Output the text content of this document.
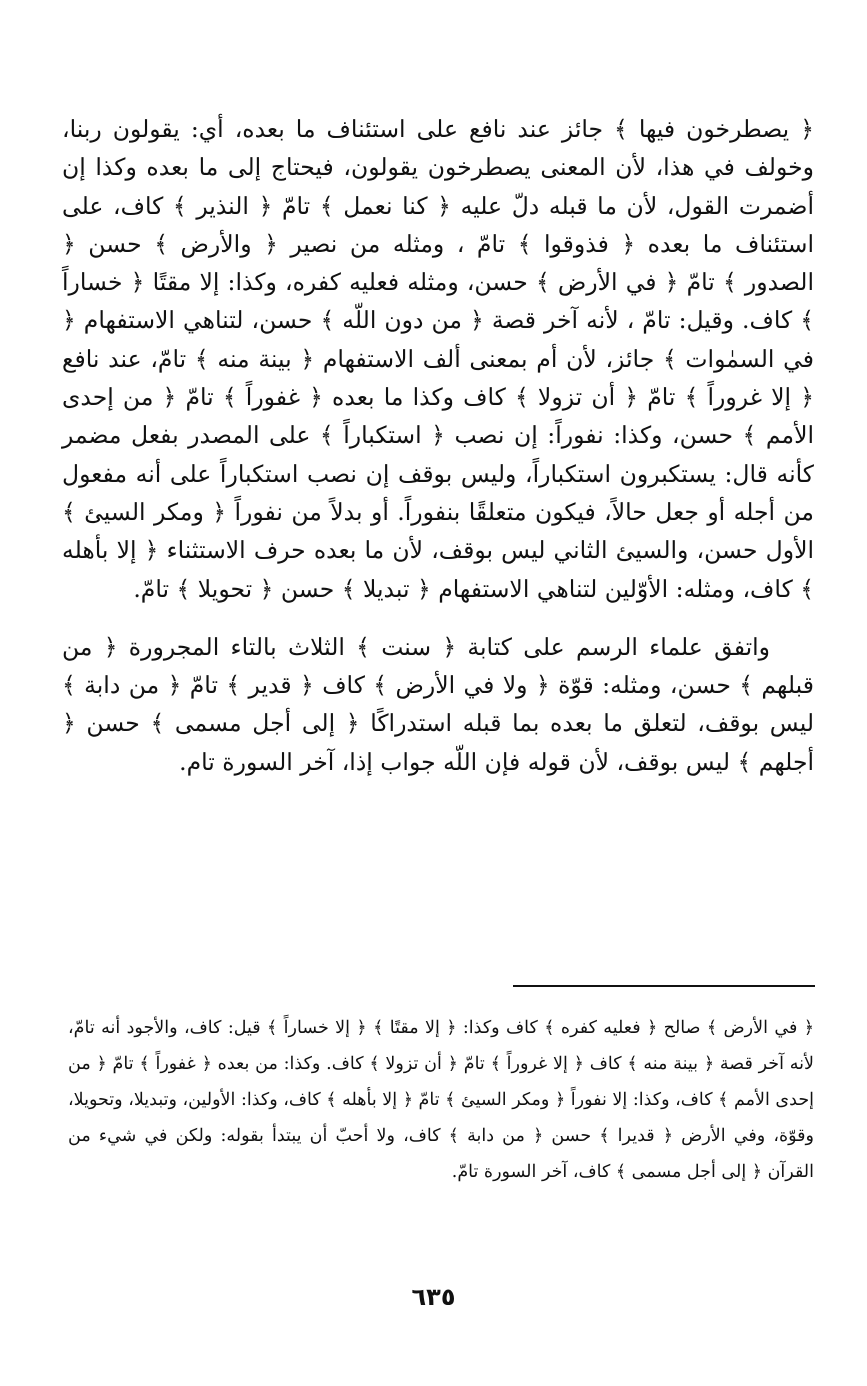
﴿ يصطرخون فيها ﴾ جائز عند نافع على استئناف ما بعده، أي: يقولون ربنا، وخولف في هذا، لأن المعنى يصطرخون يقولون، فيحتاج إلى ما بعده وكذا إن أضمرت القول، لأن ما قبله دلّ عليه ﴿ كنا نعمل ﴾ تامّ ﴿ النذير ﴾ كاف، على استئناف ما بعده ﴿ فذوقوا ﴾ تامّ ، ومثله من نصير ﴿ والأرض ﴾ حسن ﴿ الصدور ﴾ تامّ ﴿ في الأرض ﴾ حسن، ومثله فعليه كفره، وكذا: إلا مقتًا ﴿ خساراً ﴾ كاف. وقيل: تامّ ، لأنه آخر قصة ﴿ من دون اللّه ﴾ حسن، لتناهي الاستفهام ﴿ في السمٰوات ﴾ جائز، لأن أم بمعنى ألف الاستفهام ﴿ بينة منه ﴾ تامّ، عند نافع ﴿ إلا غروراً ﴾ تامّ ﴿ أن تزولا ﴾ كاف وكذا ما بعده ﴿ غفوراً ﴾ تامّ ﴿ من إحدى الأمم ﴾ حسن، وكذا: نفوراً: إن نصب ﴿ استكباراً ﴾ على المصدر بفعل مضمر كأنه قال: يستكبرون استكباراً، وليس بوقف إن نصب استكباراً على أنه مفعول من أجله أو جعل حالاً، فيكون متعلقًا بنفوراً. أو بدلاً من نفوراً ﴿ ومكر السيئ ﴾ الأول حسن، والسيئ الثاني ليس بوقف، لأن ما بعده حرف الاستثناء ﴿ إلا بأهله ﴾ كاف، ومثله: الأوّلين لتناهي الاستفهام ﴿ تبديلا ﴾ حسن ﴿ تحويلا ﴾ تامّ.

واتفق علماء الرسم على كتابة ﴿ سنت ﴾ الثلاث بالتاء المجرورة ﴿ من قبلهم ﴾ حسن، ومثله: قوّة ﴿ ولا في الأرض ﴾ كاف ﴿ قدير ﴾ تامّ ﴿ من دابة ﴾ ليس بوقف، لتعلق ما بعده بما قبله استدراكًا ﴿ إلى أجل مسمى ﴾ حسن ﴿ أجلهم ﴾ ليس بوقف، لأن قوله فإن اللّه جواب إذا، آخر السورة تام.

﴿ في الأرض ﴾ صالح ﴿ فعليه كفره ﴾ كاف وكذا: ﴿ إلا مقتًا ﴾ ﴿ إلا خساراً ﴾ قيل: كاف، والأجود أنه تامّ، لأنه آخر قصة ﴿ بينة منه ﴾ كاف ﴿ إلا غروراً ﴾ تامّ ﴿ أن تزولا ﴾ كاف. وكذا: من بعده ﴿ غفوراً ﴾ تامّ ﴿ من إحدى الأمم ﴾ كاف، وكذا: إلا نفوراً ﴿ ومكر السيئ ﴾ تامّ ﴿ إلا بأهله ﴾ كاف، وكذا: الأولين، وتبديلا، وتحويلا، وقوّة، وفي الأرض ﴿ قديرا ﴾ حسن ﴿ من دابة ﴾ كاف، ولا أحبّ أن يبتدأ بقوله: ولكن في شيء من القرآن ﴿ إلى أجل مسمى ﴾ كاف، آخر السورة تامّ.

٦٣٥
